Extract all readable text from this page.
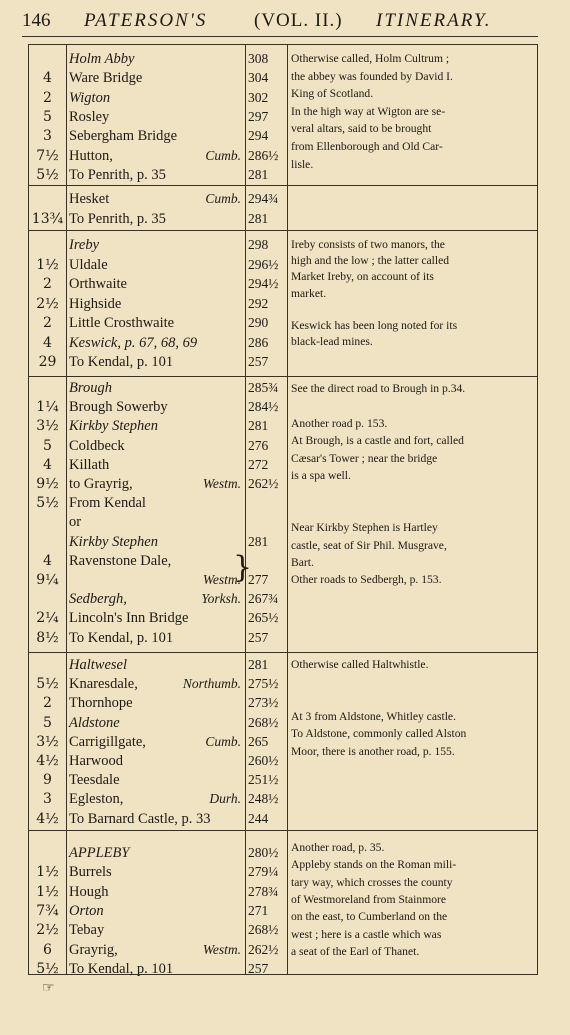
146 PATERSON'S (VOL. II.) ITINERARY.
Holm Abby	308
4	Ware Bridge	304
2	Wigton	302
5	Rosley	297
3	Sebergham Bridge	294
7½ Hutton,	Cumb. 286½
5½ To Penrith, p. 35	281
Otherwise called, Holm Cultrum ;
the abbey was founded by David I.
King of Scotland.
In the high way at Wigton are se-
veral altars, said to be brought
from Ellenborough and Old Car-
lisle.
Hesket	Cumb. 294¾
13¾ To Penrith, p. 35	281
Ireby	298
1½ Uldale	296½
2	Orthwaite	294½
2½ Highside	292
2	Little Crosthwaite	290
4	Keswick, p. 67, 68, 69	286
29 To Kendal, p. 101	257
Ireby consists of two manors, the
high and the low ; the latter called
Market Ireby, on account of its
market.
Keswick has been long noted for its
black-lead mines.
Brough	285¾
1¼ Brough Sowerby	284½
3½ Kirkby Stephen	281
5	Coldbeck	276
4	Killath	272
9½ to Grayrig,	Westm. 262½
5½ From Kendal
or
Kirkby Stephen	281
4	Ravenstone Dale,
9¼	Westm. 277
Sedbergh,	Yorksh. 267¾
2¼ Lincoln's Inn Bridge	265½
8½ To Kendal, p. 101	257
}
See the direct road to Brough in p.34.
Another road p. 153.
At Brough, is a castle and fort, called
Cæsar's Tower ; near the bridge
is a spa well.
Near Kirkby Stephen is Hartley
castle, seat of Sir Phil. Musgrave,
Bart.
Other roads to Sedbergh, p. 153.
Haltwesel	281
5½ Knaresdale,	Northumb. 275½
2	Thornhope	273½
5	Aldstone	268½
3½ Carrigillgate,	Cumb. 265
4½ Harwood	260½
9	Teesdale	251½
3	Egleston,	Durh. 248½
4½ To Barnard Castle, p. 33	244
Otherwise called Haltwhistle.
At 3 from Aldstone, Whitley castle.
To Aldstone, commonly called Alston
Moor, there is another road, p. 155.
APPLEBY	280½
1½ Burrels	279¼
1½ Hough	278¾
7¾ Orton	271
2½ Tebay	268½
6	Grayrig,	Westm. 262½
5½ To Kendal, p. 101	257
Another road, p. 35.
Appleby stands on the Roman mili-
tary way, which crosses the county
of Westmoreland from Stainmore
on the east, to Cumberland on the
west ; here is a castle which was
a seat of the Earl of Thanet.
☞
